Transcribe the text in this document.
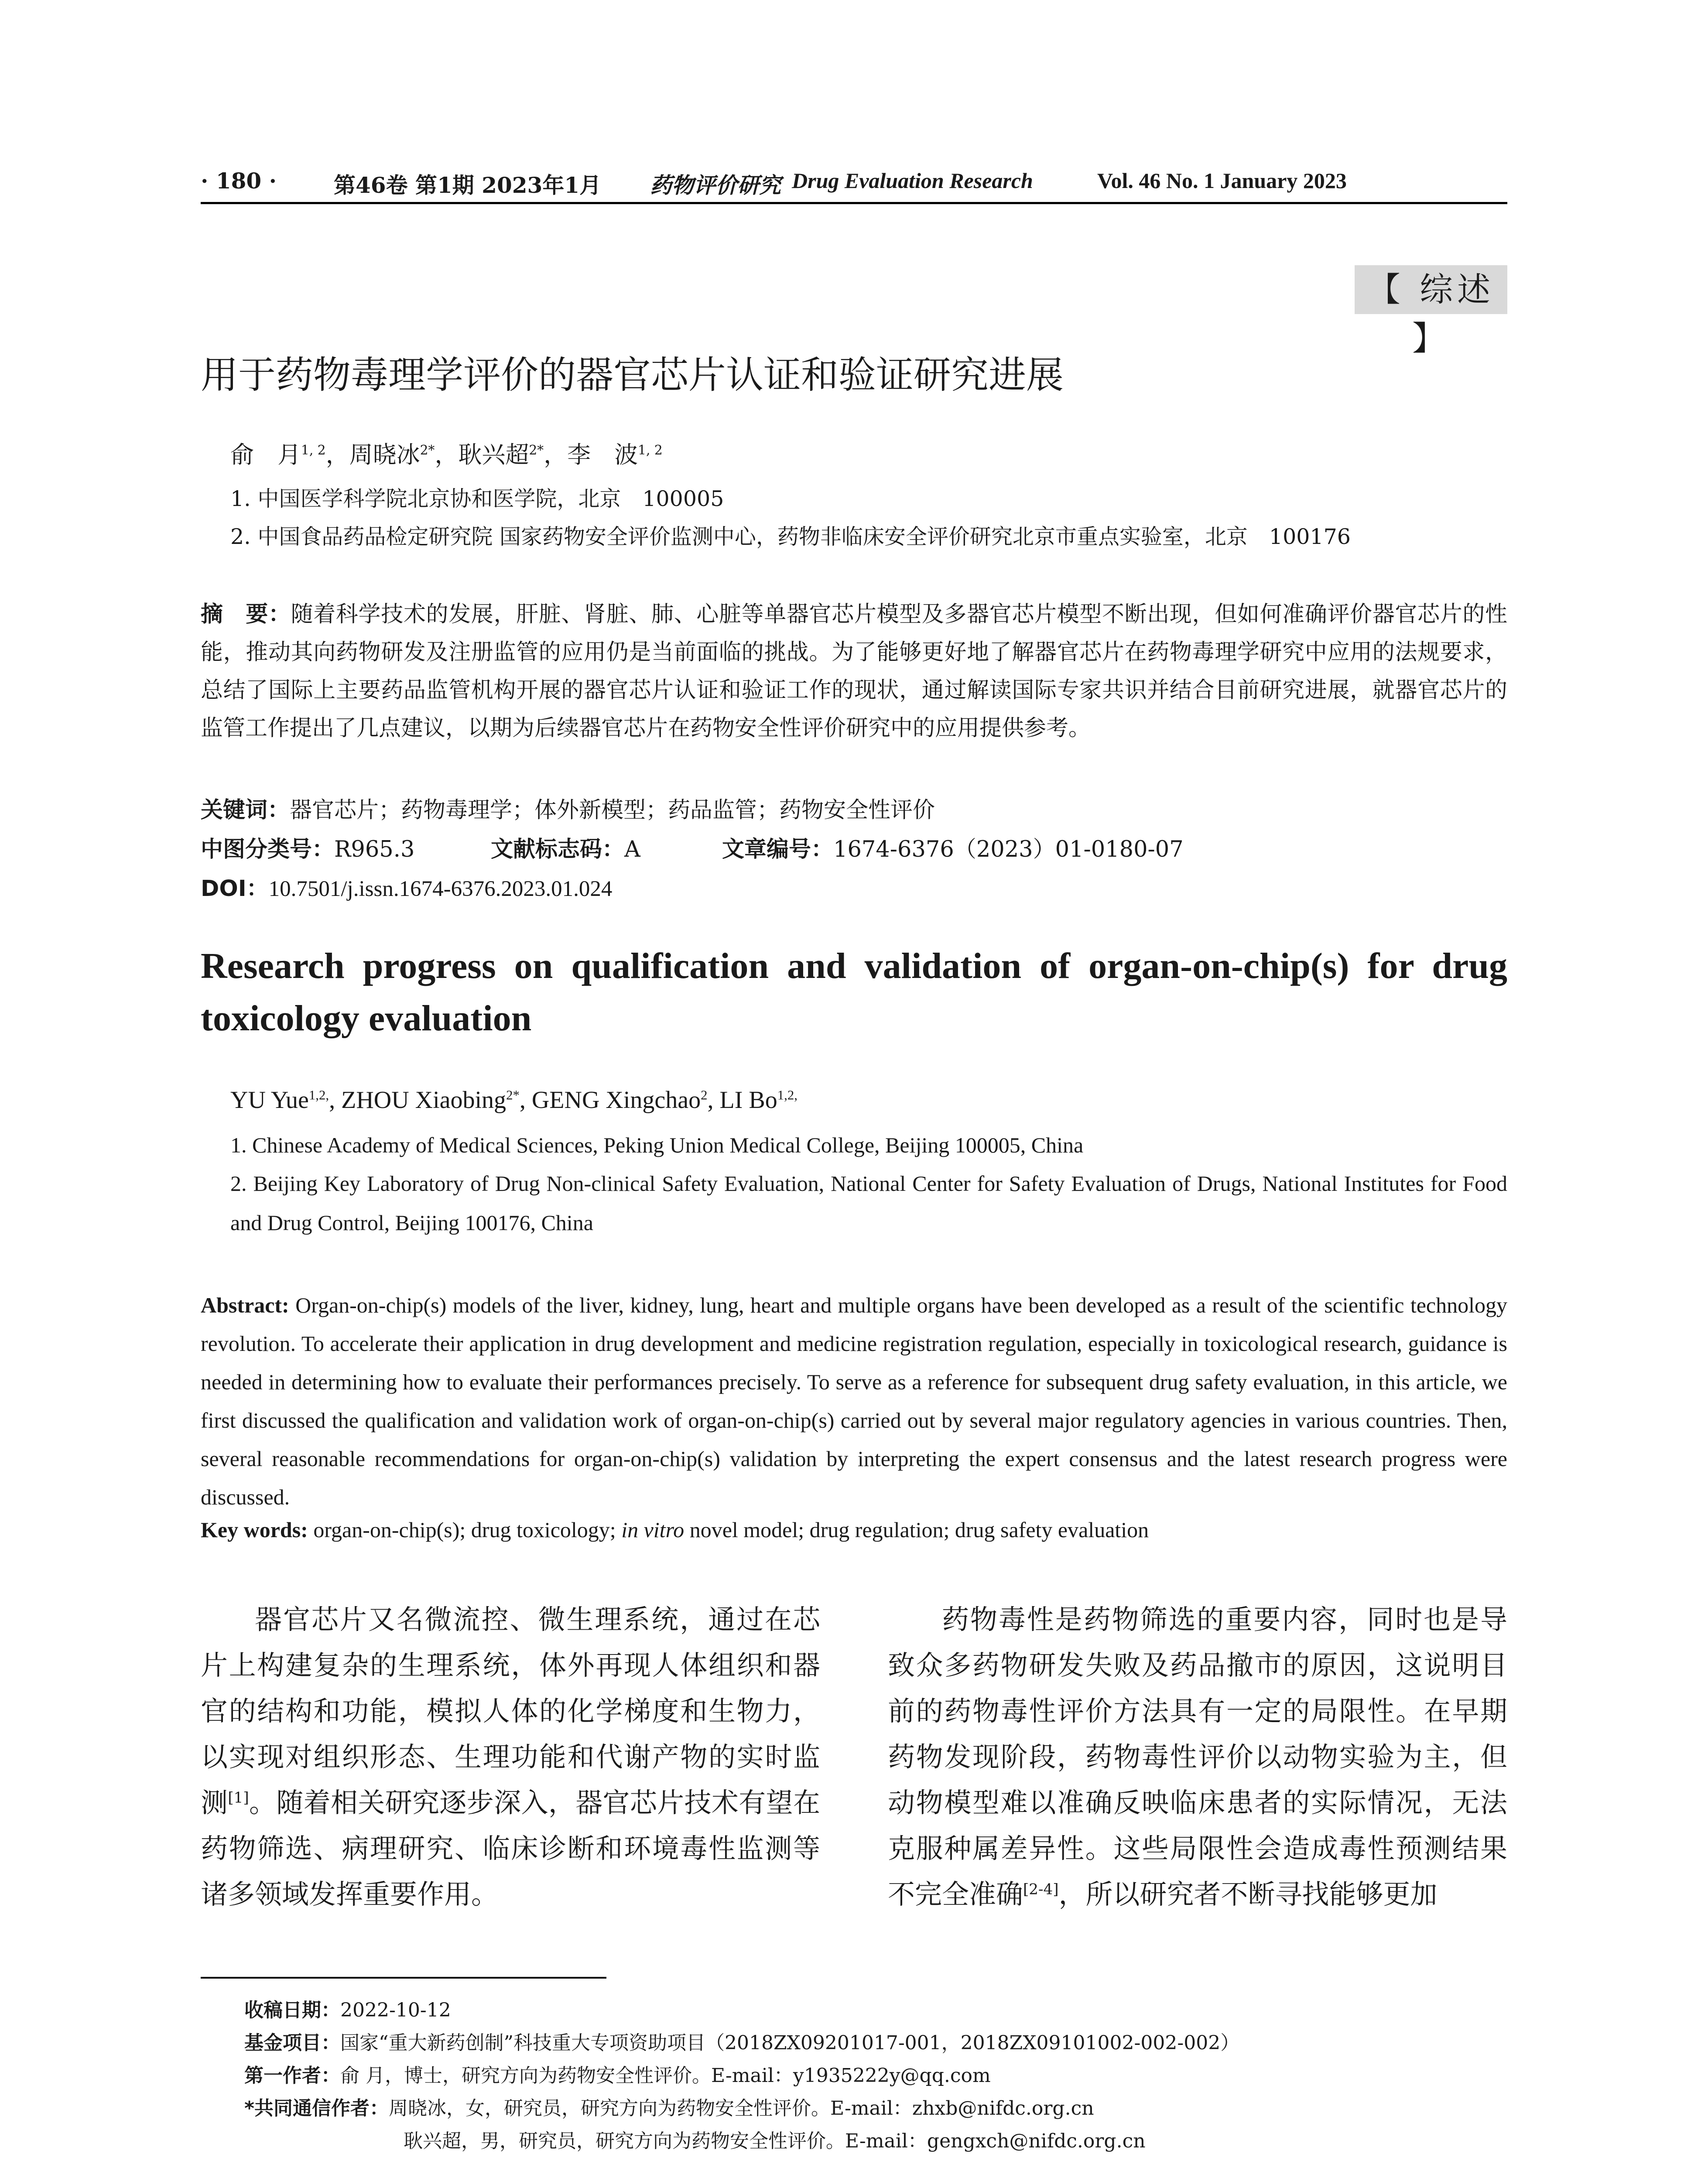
· 180 ·	第46卷 第1期 2023年1月 药物评价研究 Drug Evaluation Research	Vol. 46 No. 1 January 2023
【 综述 】
用于药物毒理学评价的器官芯片认证和验证研究进展
俞　月$^{1, 2}$，周晓冰$^{2*}$，耿兴超$^{2*}$，李　波$^{1, 2}$
1. 中国医学科学院北京协和医学院，北京　100005
2. 中国食品药品检定研究院 国家药物安全评价监测中心，药物非临床安全评价研究北京市重点实验室，北京　100176
摘　要：随着科学技术的发展，肝脏、肾脏、肺、心脏等单器官芯片模型及多器官芯片模型不断出现，但如何准确评价器官芯片的性能，推动其向药物研发及注册监管的应用仍是当前面临的挑战。为了能够更好地了解器官芯片在药物毒理学研究中应用的法规要求，总结了国际上主要药品监管机构开展的器官芯片认证和验证工作的现状，通过解读国际专家共识并结合目前研究进展，就器官芯片的监管工作提出了几点建议，以期为后续器官芯片在药物安全性评价研究中的应用提供参考。
关键词：器官芯片；药物毒理学；体外新模型；药品监管；药物安全性评价
中图分类号：R965.3	文献标志码：A	文章编号：1674-6376（2023）01-0180-07
DOI：10.7501/j.issn.1674-6376.2023.01.024
Research progress on qualification and validation of organ-on-chip(s) for drug toxicology evaluation
YU Yue$^{1,2,}$, ZHOU Xiaobing$^{2*}$, GENG Xingchao$^2$, LI $Bo^{1,2,}$
1. Chinese Academy of Medical Sciences, Peking Union Medical College, Beijing 100005, China
2. Beijing Key Laboratory of Drug Non-clinical Safety Evaluation, National Center for Safety Evaluation of Drugs, National Institutes for Food and Drug Control, Beijing 100176, China
Abstract: Organ-on-chip(s) models of the liver, kidney, lung, heart and multiple organs have been developed as a result of the scientific technology revolution. To accelerate their application in drug development and medicine registration regulation, especially in toxicological research, guidance is needed in determining how to evaluate their performances precisely. To serve as a reference for subsequent drug safety evaluation, in this article, we first discussed the qualification and validation work of organ-on-chip(s) carried out by several major regulatory agencies in various countries. Then, several reasonable recommendations for organ-on-chip(s) validation by interpreting the expert consensus and the latest research progress were discussed.
Key words: organ-on-chip(s); drug toxicology; in vitro novel model; drug regulation; drug safety evaluation
器官芯片又名微流控、微生理系统，通过在芯片上构建复杂的生理系统，体外再现人体组织和器官的结构和功能，模拟人体的化学梯度和生物力，以实现对组织形态、生理功能和代谢产物的实时监测[1]。随着相关研究逐步深入，器官芯片技术有望在药物筛选、病理研究、临床诊断和环境毒性监测等诸多领域发挥重要作用。
药物毒性是药物筛选的重要内容，同时也是导致众多药物研发失败及药品撤市的原因，这说明目前的药物毒性评价方法具有一定的局限性。在早期药物发现阶段，药物毒性评价以动物实验为主，但动物模型难以准确反映临床患者的实际情况，无法克服种属差异性。这些局限性会造成毒性预测结果不完全准确[2-4]，所以研究者不断寻找能够更加
收稿日期：2022-10-12
基金项目：国家“重大新药创制”科技重大专项资助项目（2018ZX09201017-001，2018ZX09101002-002-002）
第一作者：俞 月，博士，研究方向为药物安全性评价。E-mail：y1935222y@qq.com
*共同通信作者：周晓冰，女，研究员，研究方向为药物安全性评价。E-mail：zhxb@nifdc.org.cn
耿兴超，男，研究员，研究方向为药物安全性评价。E-mail：gengxch@nifdc.org.cn
